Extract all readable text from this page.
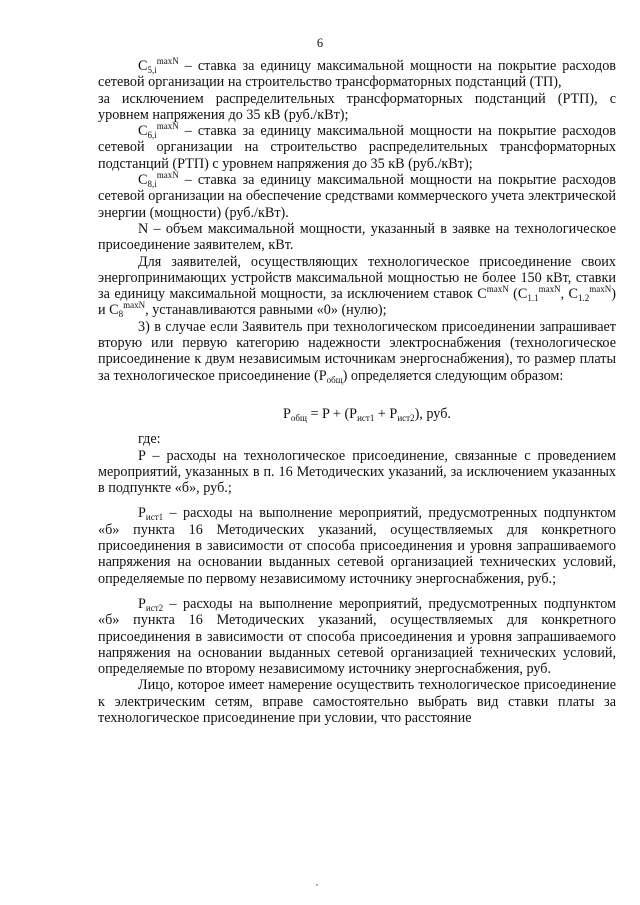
6

$C_{5,i}^{maxN}$ – ставка за единицу максимальной мощности на покрытие расходов сетевой организации на строительство трансформаторных подстанций (ТП),

за исключением распределительных трансформаторных подстанций (РТП), с уровнем напряжения до 35 кВ (руб./кВт);

$C_{6,i}^{maxN}$ – ставка за единицу максимальной мощности на покрытие расходов сетевой организации на строительство распределительных трансформаторных подстанций (РТП) с уровнем напряжения до 35 кВ (руб./кВт);

$C_{8,i}^{maxN}$ – ставка за единицу максимальной мощности на покрытие расходов сетевой организации на обеспечение средствами коммерческого учета электрической энергии (мощности) (руб./кВт).

N – объем максимальной мощности, указанный в заявке на технологическое присоединение заявителем, кВт.

Для заявителей, осуществляющих технологическое присоединение своих энергопринимающих устройств максимальной мощностью не более 150 кВт, ставки за единицу максимальной мощности, за исключением ставок $C^{maxN}$ ($C_{1.1}^{maxN}$, $C_{1.2}^{maxN}$) и $C_8^{maxN}$, устанавливаются равными «0» (нулю);

3) в случае если Заявитель при технологическом присоединении запрашивает вторую или первую категорию надежности электроснабжения (технологическое присоединение к двум независимым источникам энергоснабжения), то размер платы за технологическое присоединение $(P_{общ})$ определяется следующим образом:

$P_{общ} = P + (P_{ист1} + P_{ист2})$, руб.

где:

P – расходы на технологическое присоединение, связанные с проведением мероприятий, указанных в п. 16 Методических указаний, за исключением указанных в подпункте «б», руб.;

$P_{ист1}$ – расходы на выполнение мероприятий, предусмотренных подпунктом «б» пункта 16 Методических указаний, осуществляемых для конкретного присоединения в зависимости от способа присоединения и уровня запрашиваемого напряжения на основании выданных сетевой организацией технических условий, определяемые по первому независимому источнику энергоснабжения, руб.;

$P_{ист2}$ – расходы на выполнение мероприятий, предусмотренных подпунктом «б» пункта 16 Методических указаний, осуществляемых для конкретного присоединения в зависимости от способа присоединения и уровня запрашиваемого напряжения на основании выданных сетевой организацией технических условий, определяемые по второму независимому источнику энергоснабжения, руб.

Лицо, которое имеет намерение осуществить технологическое присоединение к электрическим сетям, вправе самостоятельно выбрать вид ставки платы за технологическое присоединение при условии, что расстояние
